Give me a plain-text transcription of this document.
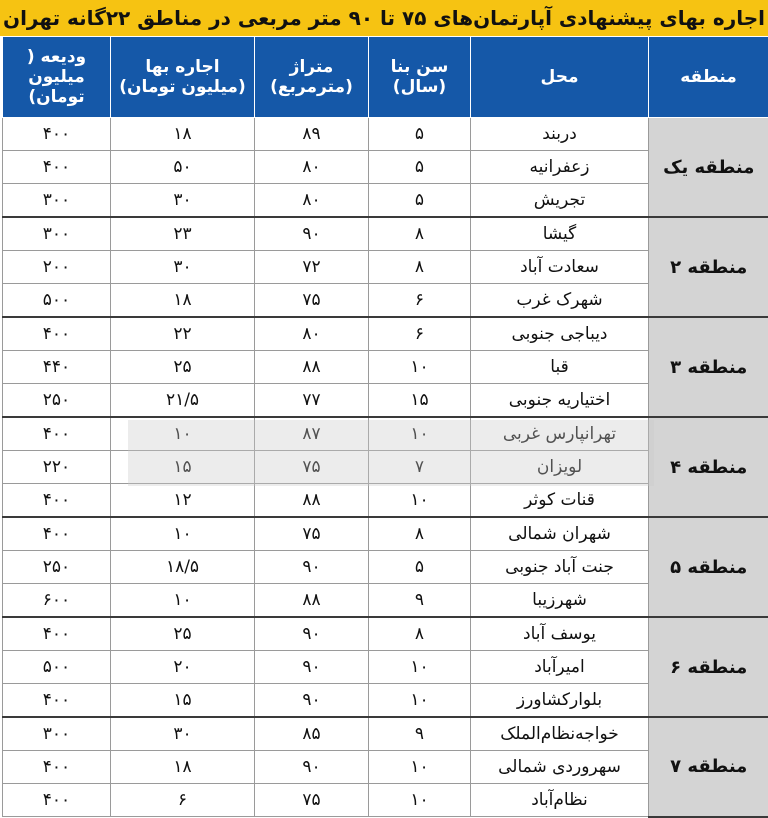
اجاره بهای پیشنهادی آپارتمان‌های ۷۵ تا ۹۰ متر مربعی در مناطق ۲۲گانه تهران
منطقه	محل	سن بنا (سال)	متراژ (مترمربع)	اجاره بها (میلیون تومان)	ودیعه ( میلیون تومان)
منطقه یک	دربند	۵	۸۹	۱۸	۴۰۰
	زعفرانیه	۵	۸۰	۵۰	۴۰۰
	تجریش	۵	۸۰	۳۰	۳۰۰
منطقه ۲	گیشا	۸	۹۰	۲۳	۳۰۰
	سعادت آباد	۸	۷۲	۳۰	۲۰۰
	شهرک غرب	۶	۷۵	۱۸	۵۰۰
منطقه ۳	دیباجی جنوبی	۶	۸۰	۲۲	۴۰۰
	قبا	۱۰	۸۸	۲۵	۴۴۰
	اختیاریه جنوبی	۱۵	۷۷	۲۱/۵	۲۵۰
منطقه ۴	تهرانپارس غربی	۱۰	۸۷	۱۰	۴۰۰
	لویزان	۷	۷۵	۱۵	۲۲۰
	قنات کوثر	۱۰	۸۸	۱۲	۴۰۰
منطقه ۵	شهران شمالی	۸	۷۵	۱۰	۴۰۰
	جنت آباد جنوبی	۵	۹۰	۱۸/۵	۲۵۰
	شهرزیبا	۹	۸۸	۱۰	۶۰۰
منطقه ۶	یوسف آباد	۸	۹۰	۲۵	۴۰۰
	امیرآباد	۱۰	۹۰	۲۰	۵۰۰
	بلوارکشاورز	۱۰	۹۰	۱۵	۴۰۰
منطقه ۷	خواجه‌نظام‌الملک	۹	۸۵	۳۰	۳۰۰
	سهروردی شمالی	۱۰	۹۰	۱۸	۴۰۰
	نظام‌آباد	۱۰	۷۵	۶	۴۰۰
